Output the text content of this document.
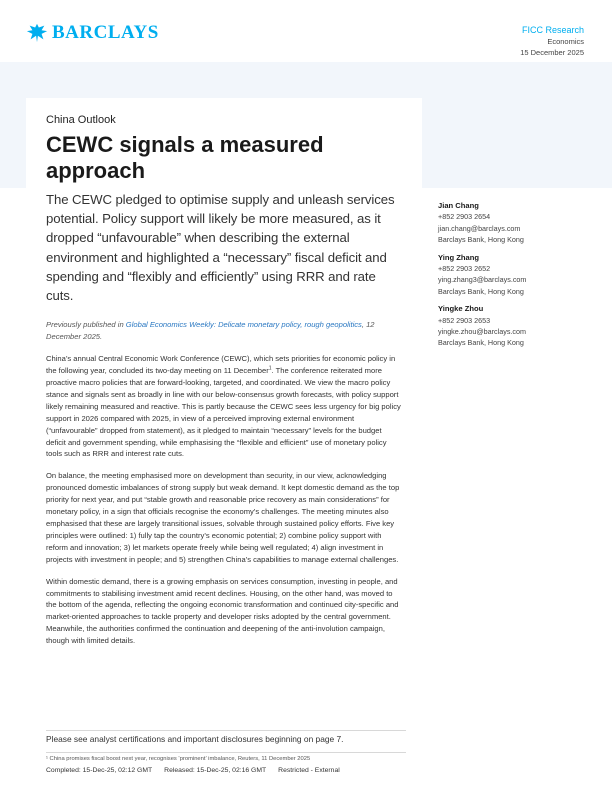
BARCLAYS	FICC Research
Economics
15 December 2025
China Outlook
CEWC signals a measured approach
The CEWC pledged to optimise supply and unleash services potential. Policy support will likely be more measured, as it dropped “unfavourable” when describing the external environment and highlighted a “necessary” fiscal deficit and spending and “flexibly and efficiently” using RRR and rate cuts.
Previously published in Global Economics Weekly: Delicate monetary policy, rough geopolitics, 12 December 2025.
China’s annual Central Economic Work Conference (CEWC), which sets priorities for economic policy in the following year, concluded its two-day meeting on 11 December$^1$. The conference reiterated more proactive macro policies that are forward-looking, targeted, and coordinated. We view the macro policy stance and signals sent as broadly in line with our below-consensus growth forecasts, with policy support likely remaining measured and reactive. This is partly because the CEWC sees less urgency for big policy support in 2026 compared with 2025, in view of a perceived improving external environment (“unfavourable” dropped from statement), as it pledged to maintain “necessary” levels for the budget deficit and government spending, while emphasising the “flexible and efficient” use of monetary policy tools such as RRR and interest rate cuts.
On balance, the meeting emphasised more on development than security, in our view, acknowledging pronounced domestic imbalances of strong supply but weak demand. It kept domestic demand as the top priority for next year, and put “stable growth and reasonable price recovery as main considerations” for monetary policy, in a sign that officials recognise the economy’s challenges. The meeting minutes also emphasised that these are largely transitional issues, solvable through sustained policy efforts. Five key principles were outlined: 1) fully tap the country’s economic potential; 2) combine policy support with reform and innovation; 3) let markets operate freely while being well regulated; 4) align investment in projects with investment in people; and 5) strengthen China’s capabilities to manage external challenges.
Within domestic demand, there is a growing emphasis on services consumption, investing in people, and commitments to stabilising investment amid recent declines. Housing, on the other hand, was moved to the bottom of the agenda, reflecting the ongoing economic transformation and continued city-specific and market-oriented approaches to tackle property and developer risks adopted by the central government. Meanwhile, the authorities confirmed the continuation and deepening of the anti-involution campaign, though with limited details.
Jian Chang
+852 2903 2654
jian.chang@barclays.com
Barclays Bank, Hong Kong
Ying Zhang
+852 2903 2652
ying.zhang3@barclays.com
Barclays Bank, Hong Kong
Yingke Zhou
+852 2903 2653
yingke.zhou@barclays.com
Barclays Bank, Hong Kong
Please see analyst certifications and important disclosures beginning on page 7.
¹ China promises fiscal boost next year, recognises ‘prominent’ imbalance, Reuters, 11 December 2025
Completed: 15-Dec-25, 02:12 GMT Released: 15-Dec-25, 02:16 GMT Restricted - External
